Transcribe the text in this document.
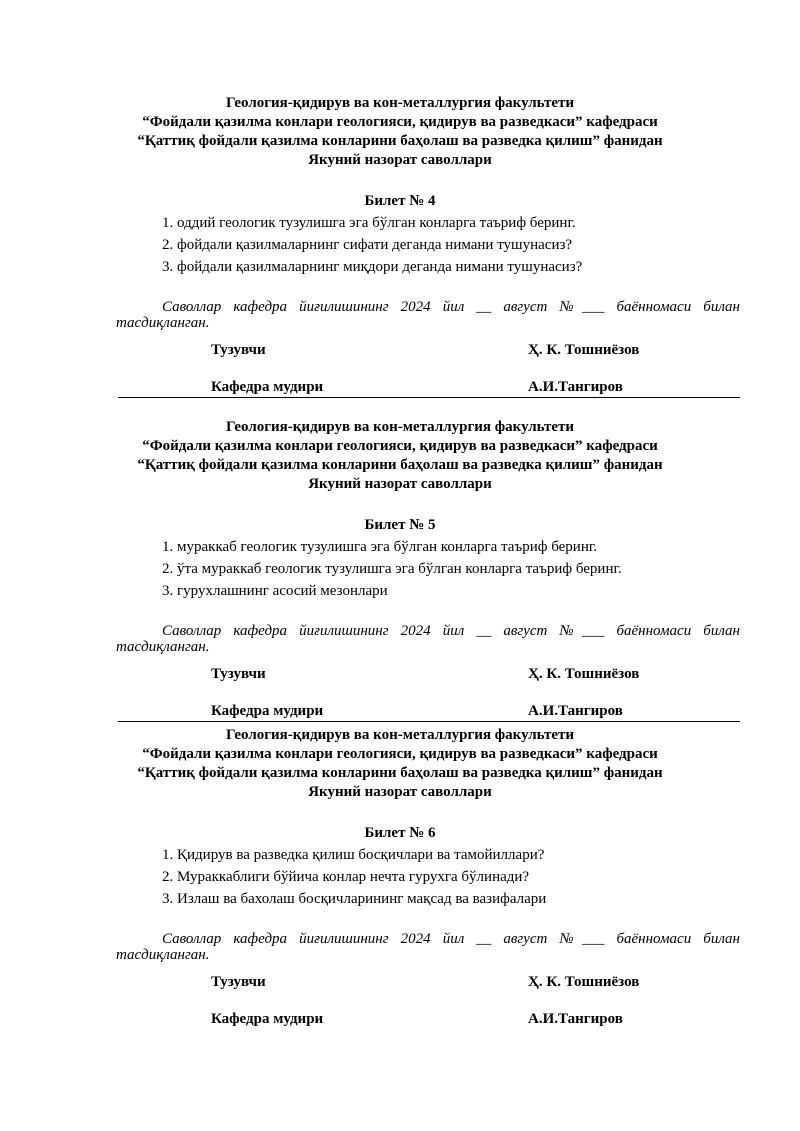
Геология-қидирув ва кон-металлургия факультети

“Фойдали қазилма конлари геологияси, қидирув ва разведкаси” кафедраси

“Қаттиқ фойдали қазилма конларини баҳолаш ва разведка қилиш” фанидан

Якуний назорат саволлари

Билет № 4
1. оддий геологик тузулишга эга бўлган конларга таъриф беринг.
2. фойдали қазилмаларнинг сифати деганда нимани тушунасиз?
3. фойдали қазилмаларнинг миқдори деганда нимани тушунасиз?
Саволлар кафедра йиғилишининг 2024 йил __ август №___ баённомаси билан тасдиқланган.
Тузувчи	Ҳ. К. Тошниёзов
Кафедра мудири	А.И.Тангиров

Геология-қидирув ва кон-металлургия факультети

“Фойдали қазилма конлари геологияси, қидирув ва разведкаси” кафедраси

“Қаттиқ фойдали қазилма конларини баҳолаш ва разведка қилиш” фанидан

Якуний назорат саволлари

Билет № 5
1. мураккаб геологик тузулишга эга бўлган конларга таъриф беринг.
2. ўта мураккаб геологик тузулишга эга бўлган конларга таъриф беринг.
3. гурухлашнинг асосий мезонлари
Саволлар кафедра йиғилишининг 2024 йил __ август №___ баённомаси билан тасдиқланган.
Тузувчи	Ҳ. К. Тошниёзов
Кафедра мудири	А.И.Тангиров

Геология-қидирув ва кон-металлургия факультети

“Фойдали қазилма конлари геологияси, қидирув ва разведкаси” кафедраси

“Қаттиқ фойдали қазилма конларини баҳолаш ва разведка қилиш” фанидан

Якуний назорат саволлари

Билет № 6
1. Қидирув ва разведка қилиш босқичлари ва тамойиллари?
2. Мураккаблиги бўйича конлар нечта гурухга бўлинади?
3. Излаш ва бахолаш босқичларининг мақсад ва вазифалари
Саволлар кафедра йиғилишининг 2024 йил __ август №___ баённомаси билан тасдиқланган.
Тузувчи	Ҳ. К. Тошниёзов
Кафедра мудири	А.И.Тангиров
